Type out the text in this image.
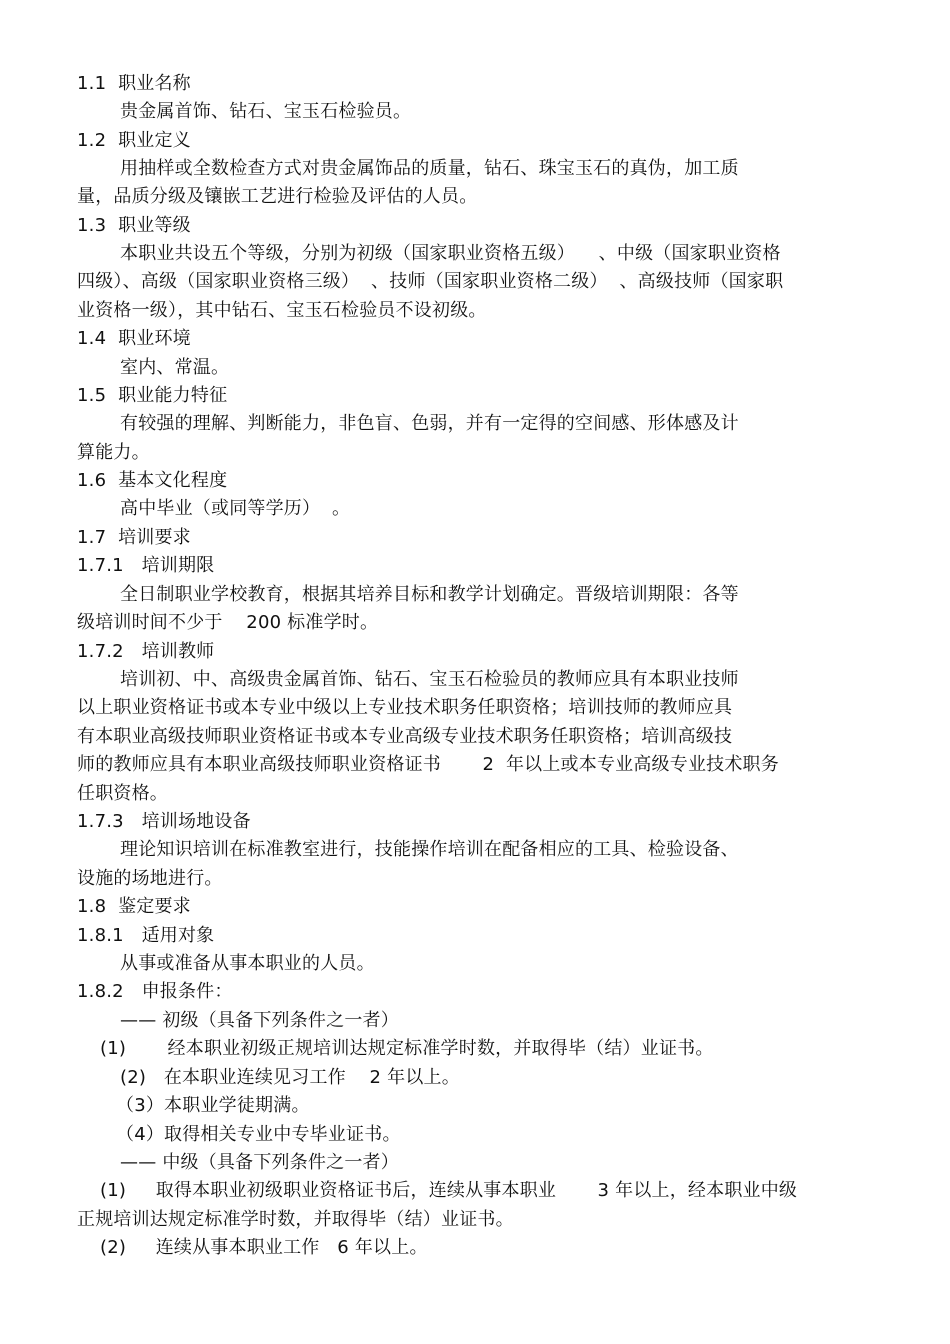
1.1  职业名称
贵金属首饰、钻石、宝玉石检验员。
1.2  职业定义
用抽样或全数检查方式对贵金属饰品的质量，钻石、珠宝玉石的真伪，加工质
量，品质分级及镶嵌工艺进行检验及评估的人员。
1.3  职业等级
本职业共设五个等级，分别为初级（国家职业资格五级）    、中级（国家职业资格
四级）、高级（国家职业资格三级）  、技师（国家职业资格二级）  、高级技师（国家职
业资格一级），其中钻石、宝玉石检验员不设初级。
1.4  职业环境
室内、常温。
1.5  职业能力特征
有较强的理解、判断能力，非色盲、色弱，并有一定得的空间感、形体感及计
算能力。
1.6  基本文化程度
高中毕业（或同等学历）  。
1.7  培训要求
1.7.1   培训期限
全日制职业学校教育，根据其培养目标和教学计划确定。晋级培训期限：各等
级培训时间不少于    200 标准学时。
1.7.2   培训教师
培训初、中、高级贵金属首饰、钻石、宝玉石检验员的教师应具有本职业技师
以上职业资格证书或本专业中级以上专业技术职务任职资格；培训技师的教师应具
有本职业高级技师职业资格证书或本专业高级专业技术职务任职资格；培训高级技
师的教师应具有本职业高级技师职业资格证书       2  年以上或本专业高级专业技术职务
任职资格。
1.7.3   培训场地设备
理论知识培训在标准教室进行，技能操作培训在配备相应的工具、检验设备、
设施的场地进行。
1.8  鉴定要求
1.8.1   适用对象
从事或准备从事本职业的人员。
1.8.2   申报条件：
—— 初级（具备下列条件之一者）
(1)       经本职业初级正规培训达规定标准学时数，并取得毕（结）业证书。
(2)   在本职业连续见习工作    2 年以上。
（3）本职业学徒期满。
（4）取得相关专业中专毕业证书。
—— 中级（具备下列条件之一者）
(1)     取得本职业初级职业资格证书后，连续从事本职业       3 年以上，经本职业中级
正规培训达规定标准学时数，并取得毕（结）业证书。
(2)     连续从事本职业工作   6 年以上。
